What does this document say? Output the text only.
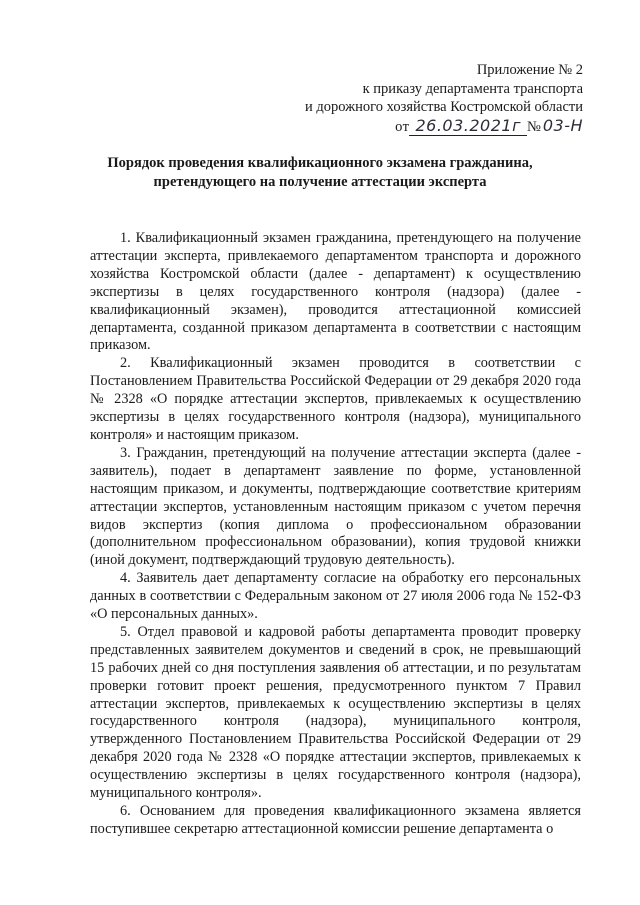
Приложение № 2
к приказу департамента транспорта
и дорожного хозяйства Костромской области
от 26.03.2021г № 03-Н
Порядок проведения квалификационного экзамена гражданина,
претендующего на получение аттестации эксперта

1. Квалификационный экзамен гражданина, претендующего на получение аттестации эксперта, привлекаемого департаментом транспорта и дорожного хозяйства Костромской области (далее - департамент) к осуществлению экспертизы в целях государственного контроля (надзора) (далее - квалификационный экзамен), проводится аттестационной комиссией департамента, созданной приказом департамента в соответствии с настоящим приказом.

2. Квалификационный экзамен проводится в соответствии с Постановлением Правительства Российской Федерации от 29 декабря 2020 года № 2328 «О порядке аттестации экспертов, привлекаемых к осуществлению экспертизы в целях государственного контроля (надзора), муниципального контроля» и настоящим приказом.

3. Гражданин, претендующий на получение аттестации эксперта (далее - заявитель), подает в департамент заявление по форме, установленной настоящим приказом, и документы, подтверждающие соответствие критериям аттестации экспертов, установленным настоящим приказом с учетом перечня видов экспертиз (копия диплома о профессиональном образовании (дополнительном профессиональном образовании), копия трудовой книжки (иной документ, подтверждающий трудовую деятельность).

4. Заявитель дает департаменту согласие на обработку его персональных данных в соответствии с Федеральным законом от 27 июля 2006 года № 152-ФЗ «О персональных данных».

5. Отдел правовой и кадровой работы департамента проводит проверку представленных заявителем документов и сведений в срок, не превышающий 15 рабочих дней со дня поступления заявления об аттестации, и по результатам проверки готовит проект решения, предусмотренного пунктом 7 Правил аттестации экспертов, привлекаемых к осуществлению экспертизы в целях государственного контроля (надзора), муниципального контроля, утвержденного Постановлением Правительства Российской Федерации от 29 декабря 2020 года № 2328 «О порядке аттестации экспертов, привлекаемых к осуществлению экспертизы в целях государственного контроля (надзора), муниципального контроля».

6. Основанием для проведения квалификационного экзамена является поступившее секретарю аттестационной комиссии решение департамента о
